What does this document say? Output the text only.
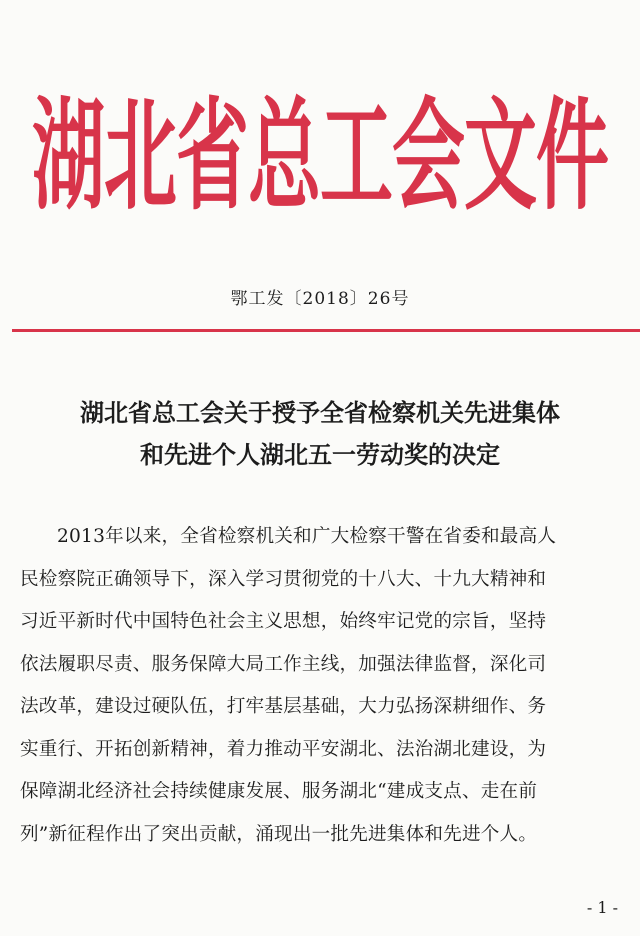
湖北省总工会文件
鄂工发〔2018〕26号
湖北省总工会关于授予全省检察机关先进集体
和先进个人湖北五一劳动奖的决定
2013年以来，全省检察机关和广大检察干警在省委和最高人
民检察院正确领导下，深入学习贯彻党的十八大、十九大精神和
习近平新时代中国特色社会主义思想，始终牢记党的宗旨，坚持
依法履职尽责、服务保障大局工作主线，加强法律监督，深化司
法改革，建设过硬队伍，打牢基层基础，大力弘扬深耕细作、务
实重行、开拓创新精神，着力推动平安湖北、法治湖北建设，为
保障湖北经济社会持续健康发展、服务湖北“建成支点、走在前
列”新征程作出了突出贡献，涌现出一批先进集体和先进个人。
- 1 -
